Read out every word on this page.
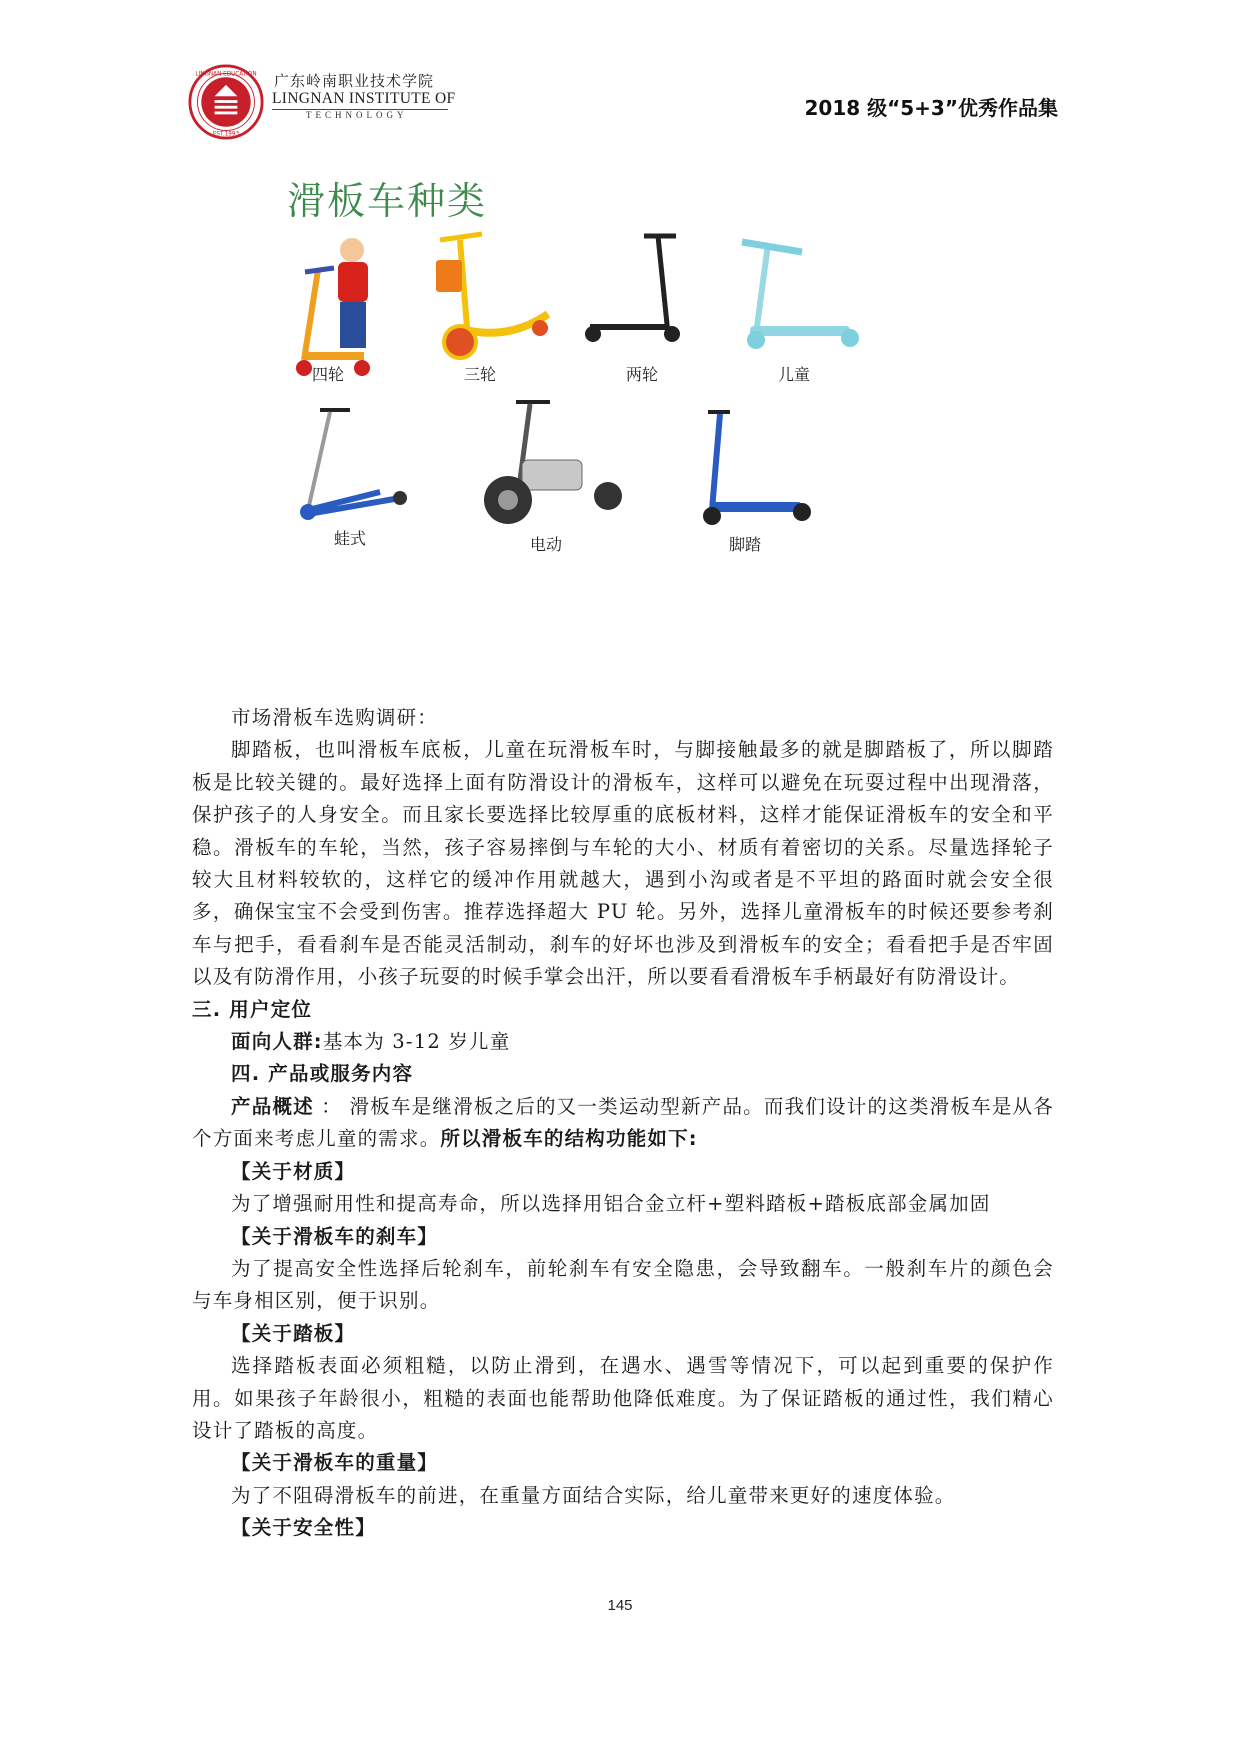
LINGNAN EDUCATION
EST.1993
广东岭南职业技术学院
LINGNAN INSTITUTE OF
TECHNOLOGY	2018 级“5+3”优秀作品集
滑板车种类
四轮	三轮	两轮	儿童
蛙式	电动	脚踏

市场滑板车选购调研：

脚踏板，也叫滑板车底板，儿童在玩滑板车时，与脚接触最多的就是脚踏板了，所以脚踏板是比较关键的。最好选择上面有防滑设计的滑板车，这样可以避免在玩耍过程中出现滑落，保护孩子的人身安全。而且家长要选择比较厚重的底板材料，这样才能保证滑板车的安全和平稳。滑板车的车轮，当然，孩子容易摔倒与车轮的大小、材质有着密切的关系。尽量选择轮子较大且材料较软的，这样它的缓冲作用就越大，遇到小沟或者是不平坦的路面时就会安全很多，确保宝宝不会受到伤害。推荐选择超大 PU 轮。另外，选择儿童滑板车的时候还要参考刹车与把手，看看刹车是否能灵活制动，刹车的好坏也涉及到滑板车的安全；看看把手是否牢固以及有防滑作用，小孩子玩耍的时候手掌会出汗，所以要看看滑板车手柄最好有防滑设计。

三. 用户定位

面向人群:基本为 3-12 岁儿童

四. 产品或服务内容

产品概述 ： 滑板车是继滑板之后的又一类运动型新产品。而我们设计的这类滑板车是从各个方面来考虑儿童的需求。所以滑板车的结构功能如下:

【关于材质】

为了增强耐用性和提高寿命，所以选择用铝合金立杆+塑料踏板+踏板底部金属加固

【关于滑板车的刹车】

为了提高安全性选择后轮刹车，前轮刹车有安全隐患，会导致翻车。一般刹车片的颜色会与车身相区别，便于识别。

【关于踏板】

选择踏板表面必须粗糙，以防止滑到，在遇水、遇雪等情况下，可以起到重要的保护作用。如果孩子年龄很小，粗糙的表面也能帮助他降低难度。为了保证踏板的通过性，我们精心设计了踏板的高度。

【关于滑板车的重量】

为了不阻碍滑板车的前进，在重量方面结合实际，给儿童带来更好的速度体验。

【关于安全性】

145
